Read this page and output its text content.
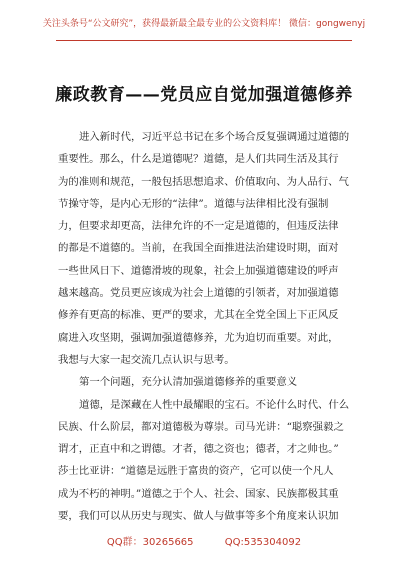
关注头条号“公文研究”，获得最新最全最专业的公文资料库！ 微信：gongwenyj
廉政教育——党员应自觉加强道德修养
进入新时代，习近平总书记在多个场合反复强调通过道德的
重要性。那么，什么是道德呢？道德，是人们共同生活及其行
为的准则和规范，一般包括思想追求、价值取向、为人品行、气
节操守等，是内心无形的“法律”。道德与法律相比没有强制
力，但要求却更高，法律允许的不一定是道德的，但违反法律
的都是不道德的。当前，在我国全面推进法治建设时期，面对
一些世风日下、道德滑坡的现象，社会上加强道德建设的呼声
越来越高。党员更应该成为社会上道德的引领者，对加强道德
修养有更高的标准、更严的要求，尤其在全党全国上下正风反
腐进入攻坚期，强调加强道德修养，尤为迫切而重要。对此，
我想与大家一起交流几点认识与思考。
第一个问题，充分认清加强道德修养的重要意义
道德，是深藏在人性中最耀眼的宝石。不论什么时代、什么
民族、什么阶层，都对道德极为尊崇。司马光讲：“聪察强毅之
谓才，正直中和之谓德。才者，德之资也；德者，才之帅也。”
莎士比亚讲：“道德是远胜于富贵的资产，它可以使一个凡人
成为不朽的神明。”道德之于个人、社会、国家、民族都极其重
要，我们可以从历史与现实、做人与做事等多个角度来认识加
QQ群：30265665	QQ:535304092
